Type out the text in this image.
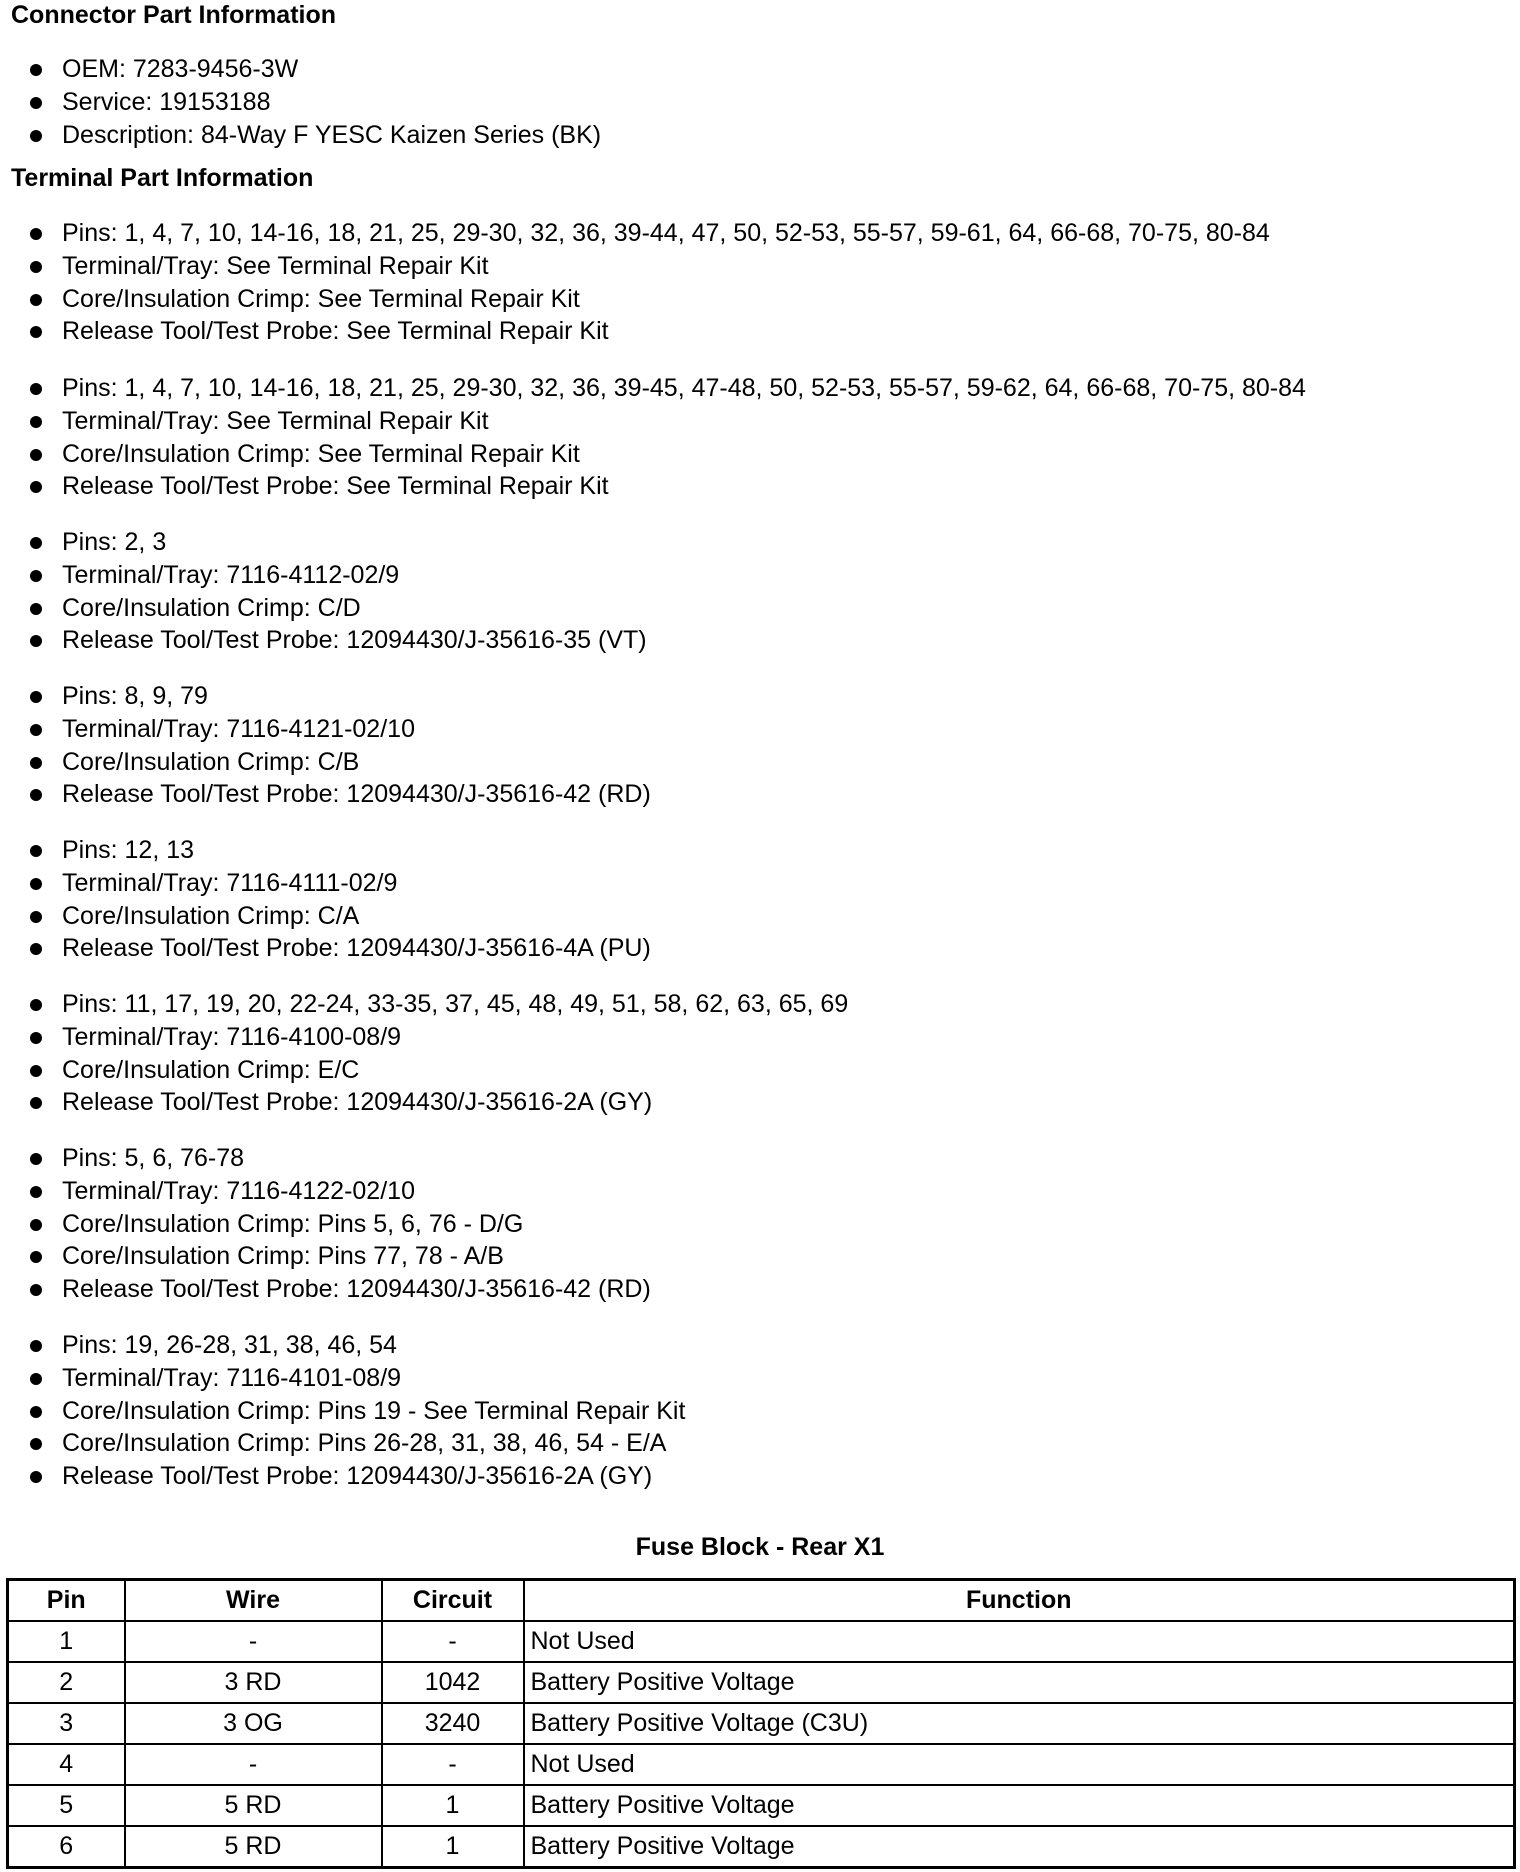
Connector Part Information
OEM: 7283-9456-3W
Service: 19153188
Description: 84-Way F YESC Kaizen Series (BK)
Terminal Part Information
Pins: 1, 4, 7, 10, 14-16, 18, 21, 25, 29-30, 32, 36, 39-44, 47, 50, 52-53, 55-57, 59-61, 64, 66-68, 70-75, 80-84
Terminal/Tray: See Terminal Repair Kit
Core/Insulation Crimp: See Terminal Repair Kit
Release Tool/Test Probe: See Terminal Repair Kit
Pins: 1, 4, 7, 10, 14-16, 18, 21, 25, 29-30, 32, 36, 39-45, 47-48, 50, 52-53, 55-57, 59-62, 64, 66-68, 70-75, 80-84
Terminal/Tray: See Terminal Repair Kit
Core/Insulation Crimp: See Terminal Repair Kit
Release Tool/Test Probe: See Terminal Repair Kit
Pins: 2, 3
Terminal/Tray: 7116-4112-02/9
Core/Insulation Crimp: C/D
Release Tool/Test Probe: 12094430/J-35616-35 (VT)
Pins: 8, 9, 79
Terminal/Tray: 7116-4121-02/10
Core/Insulation Crimp: C/B
Release Tool/Test Probe: 12094430/J-35616-42 (RD)
Pins: 12, 13
Terminal/Tray: 7116-4111-02/9
Core/Insulation Crimp: C/A
Release Tool/Test Probe: 12094430/J-35616-4A (PU)
Pins: 11, 17, 19, 20, 22-24, 33-35, 37, 45, 48, 49, 51, 58, 62, 63, 65, 69
Terminal/Tray: 7116-4100-08/9
Core/Insulation Crimp: E/C
Release Tool/Test Probe: 12094430/J-35616-2A (GY)
Pins: 5, 6, 76-78
Terminal/Tray: 7116-4122-02/10
Core/Insulation Crimp: Pins 5, 6, 76 - D/G
Core/Insulation Crimp: Pins 77, 78 - A/B
Release Tool/Test Probe: 12094430/J-35616-42 (RD)
Pins: 19, 26-28, 31, 38, 46, 54
Terminal/Tray: 7116-4101-08/9
Core/Insulation Crimp: Pins 19 - See Terminal Repair Kit
Core/Insulation Crimp: Pins 26-28, 31, 38, 46, 54 - E/A
Release Tool/Test Probe: 12094430/J-35616-2A (GY)
Fuse Block - Rear X1
Pin	Wire	Circuit	Function
1	-	-	Not Used
2	3 RD	1042	Battery Positive Voltage
3	3 OG	3240	Battery Positive Voltage (C3U)
4	-	-	Not Used
5	5 RD	1	Battery Positive Voltage
6	5 RD	1	Battery Positive Voltage
